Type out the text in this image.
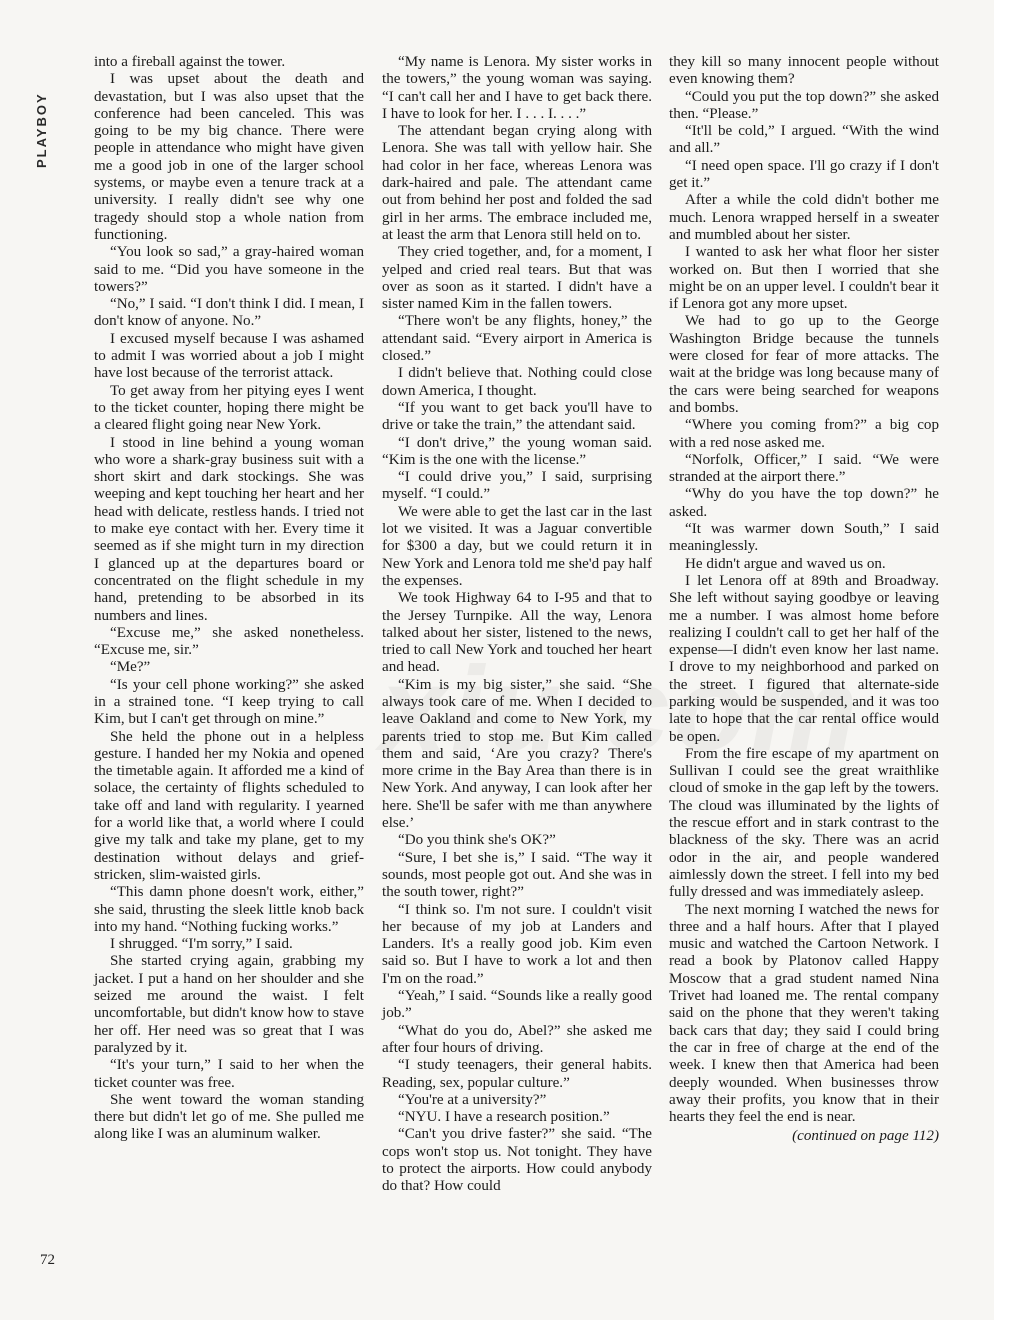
PLAYBOY

into a fireball against the tower.

I was upset about the death and devastation, but I was also upset that the conference had been canceled. This was going to be my big chance. There were people in attendance who might have given me a good job in one of the larger school systems, or maybe even a tenure track at a university. I really didn't see why one tragedy should stop a whole nation from functioning.

“You look so sad,” a gray-haired woman said to me. “Did you have someone in the towers?”

“No,” I said. “I don't think I did. I mean, I don't know of anyone. No.”

I excused myself because I was ashamed to admit I was worried about a job I might have lost because of the terrorist attack.

To get away from her pitying eyes I went to the ticket counter, hoping there might be a cleared flight going near New York.

I stood in line behind a young woman who wore a shark-gray business suit with a short skirt and dark stockings. She was weeping and kept touching her heart and her head with delicate, restless hands. I tried not to make eye contact with her. Every time it seemed as if she might turn in my direction I glanced up at the departures board or concentrated on the flight schedule in my hand, pretending to be absorbed in its numbers and lines.

“Excuse me,” she asked nonetheless. “Excuse me, sir.”

“Me?”

“Is your cell phone working?” she asked in a strained tone. “I keep trying to call Kim, but I can't get through on mine.”

She held the phone out in a helpless gesture. I handed her my Nokia and opened the timetable again. It afforded me a kind of solace, the certainty of flights scheduled to take off and land with regularity. I yearned for a world like that, a world where I could give my talk and take my plane, get to my destination without delays and grief-stricken, slim-waisted girls.

“This damn phone doesn't work, either,” she said, thrusting the sleek little knob back into my hand. “Nothing fucking works.”

I shrugged. “I'm sorry,” I said.

She started crying again, grabbing my jacket. I put a hand on her shoulder and she seized me around the waist. I felt uncomfortable, but didn't know how to stave her off. Her need was so great that I was paralyzed by it.

“It's your turn,” I said to her when the ticket counter was free.

She went toward the woman standing there but didn't let go of me. She pulled me along like I was an aluminum walker.

“My name is Lenora. My sister works in the towers,” the young woman was saying. “I can't call her and I have to get back there. I have to look for her. I . . . I. . . .”

The attendant began crying along with Lenora. She was tall with yellow hair. She had color in her face, whereas Lenora was dark-haired and pale. The attendant came out from behind her post and folded the sad girl in her arms. The embrace included me, at least the arm that Lenora still held on to.

They cried together, and, for a moment, I yelped and cried real tears. But that was over as soon as it started. I didn't have a sister named Kim in the fallen towers.

“There won't be any flights, honey,” the attendant said. “Every airport in America is closed.”

I didn't believe that. Nothing could close down America, I thought.

“If you want to get back you'll have to drive or take the train,” the attendant said.

“I don't drive,” the young woman said. “Kim is the one with the license.”

“I could drive you,” I said, surprising myself. “I could.”

We were able to get the last car in the last lot we visited. It was a Jaguar convertible for $300 a day, but we could return it in New York and Lenora told me she'd pay half the expenses.

We took Highway 64 to I-95 and that to the Jersey Turnpike. All the way, Lenora talked about her sister, listened to the news, tried to call New York and touched her heart and head.

“Kim is my big sister,” she said. “She always took care of me. When I decided to leave Oakland and come to New York, my parents tried to stop me. But Kim called them and said, ‘Are you crazy? There's more crime in the Bay Area than there is in New York. And anyway, I can look after her here. She'll be safer with me than anywhere else.’

“Do you think she's OK?”

“Sure, I bet she is,” I said. “The way it sounds, most people got out. And she was in the south tower, right?”

“I think so. I'm not sure. I couldn't visit her because of my job at Landers and Landers. It's a really good job. Kim even said so. But I have to work a lot and then I'm on the road.”

“Yeah,” I said. “Sounds like a really good job.”

“What do you do, Abel?” she asked me after four hours of driving.

“I study teenagers, their general habits. Reading, sex, popular culture.”

“You're at a university?”

“NYU. I have a research position.”

“Can't you drive faster?” she said. “The cops won't stop us. Not tonight. They have to protect the airports. How could anybody do that? How could

they kill so many innocent people without even knowing them?

“Could you put the top down?” she asked then. “Please.”

“It'll be cold,” I argued. “With the wind and all.”

“I need open space. I'll go crazy if I don't get it.”

After a while the cold didn't bother me much. Lenora wrapped herself in a sweater and mumbled about her sister.

I wanted to ask her what floor her sister worked on. But then I worried that she might be on an upper level. I couldn't bear it if Lenora got any more upset.

We had to go up to the George Washington Bridge because the tunnels were closed for fear of more attacks. The wait at the bridge was long because many of the cars were being searched for weapons and bombs.

“Where you coming from?” a big cop with a red nose asked me.

“Norfolk, Officer,” I said. “We were stranded at the airport there.”

“Why do you have the top down?” he asked.

“It was warmer down South,” I said meaninglessly.

He didn't argue and waved us on.

I let Lenora off at 89th and Broadway. She left without saying goodbye or leaving me a number. I was almost home before realizing I couldn't call to get her half of the expense—I didn't even know her last name. I drove to my neighborhood and parked on the street. I figured that alternate-side parking would be suspended, and it was too late to hope that the car rental office would be open.

From the fire escape of my apartment on Sullivan I could see the great wraithlike cloud of smoke in the gap left by the towers. The cloud was illuminated by the lights of the rescue effort and in stark contrast to the blackness of the sky. There was an acrid odor in the air, and people wandered aimlessly down the street. I fell into my bed fully dressed and was immediately asleep.

The next morning I watched the news for three and a half hours. After that I played music and watched the Cartoon Network. I read a book by Platonov called Happy Moscow that a grad student named Nina Trivet had loaned me. The rental company said on the phone that they weren't taking back cars that day; they said I could bring the car in free of charge at the end of the week. I knew then that America had been deeply wounded. When businesses throw away their profits, you know that in their hearts they feel the end is near.

(continued on page 112)

72
